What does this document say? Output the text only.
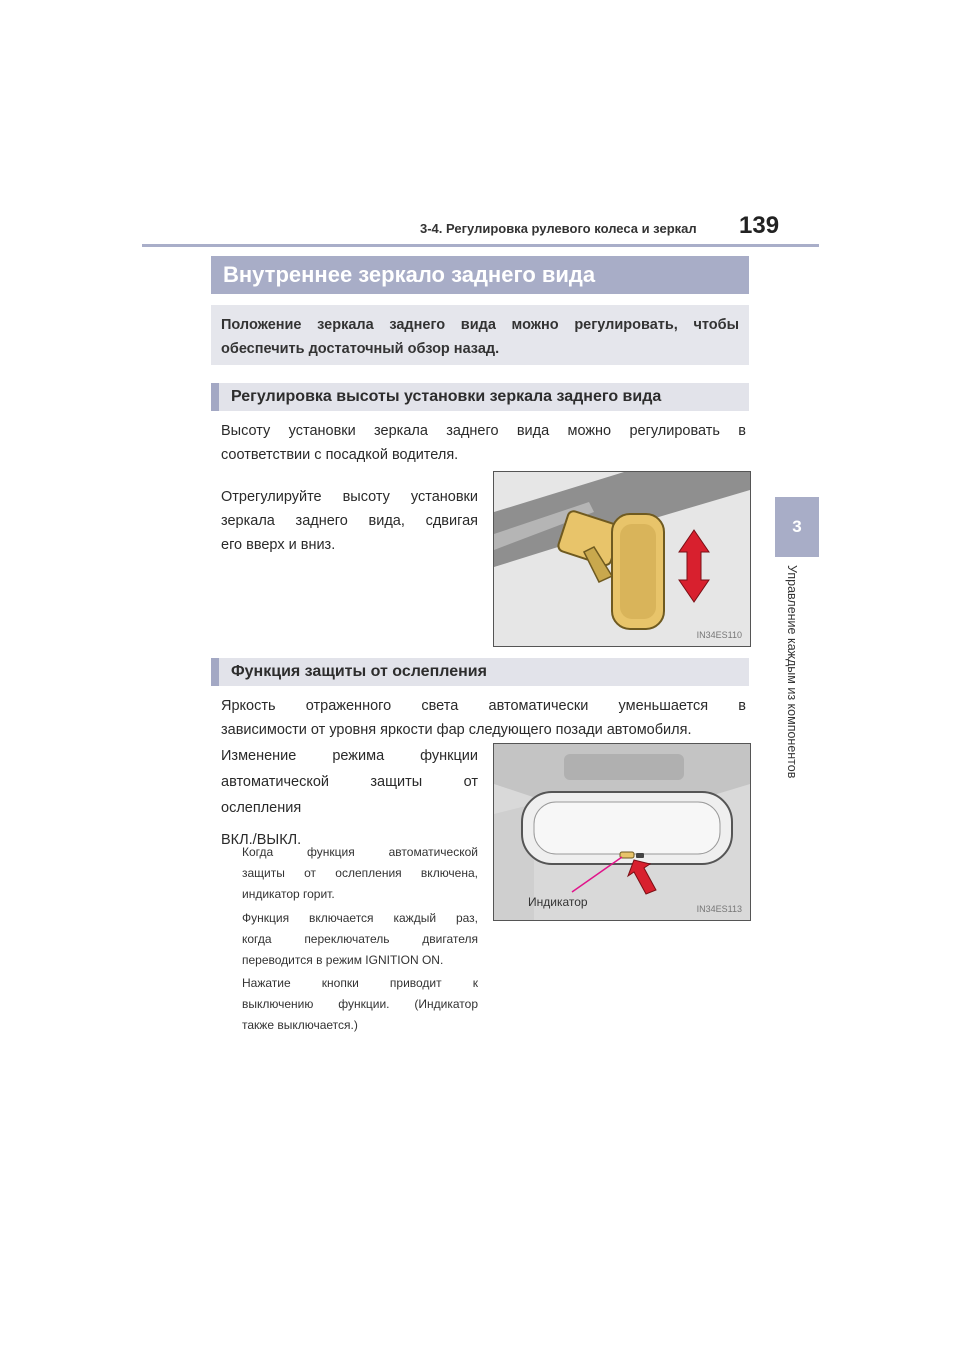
3-4. Регулировка рулевого колеса и зеркал 139
3
Управление каждым из компонентов
Внутреннее зеркало заднего вида
Положение зеркала заднего вида можно регулировать, чтобы
обеспечить достаточный обзор назад.
Регулировка высоты установки зеркала заднего вида
Высоту установки зеркала заднего вида можно регулировать в
соответствии с посадкой водителя.
Отрегулируйте высоту установки
зеркала заднего вида, сдвигая
его вверх и вниз.
IN34ES110
Функция защиты от ослепления
Яркость отраженного света автоматически уменьшается в
зависимости от уровня яркости фар следующего позади автомобиля.
Изменение режима функции
автоматической защиты от
ослепления
ВКЛ./ВЫКЛ.
Когда функция автоматической
защиты от ослепления включена,
индикатор горит.
Функция включается каждый раз,
когда переключатель двигателя
переводится в режим IGNITION ON.
Нажатие кнопки приводит к
выключению функции. (Индикатор
также выключается.)
Индикатор	IN34ES113
